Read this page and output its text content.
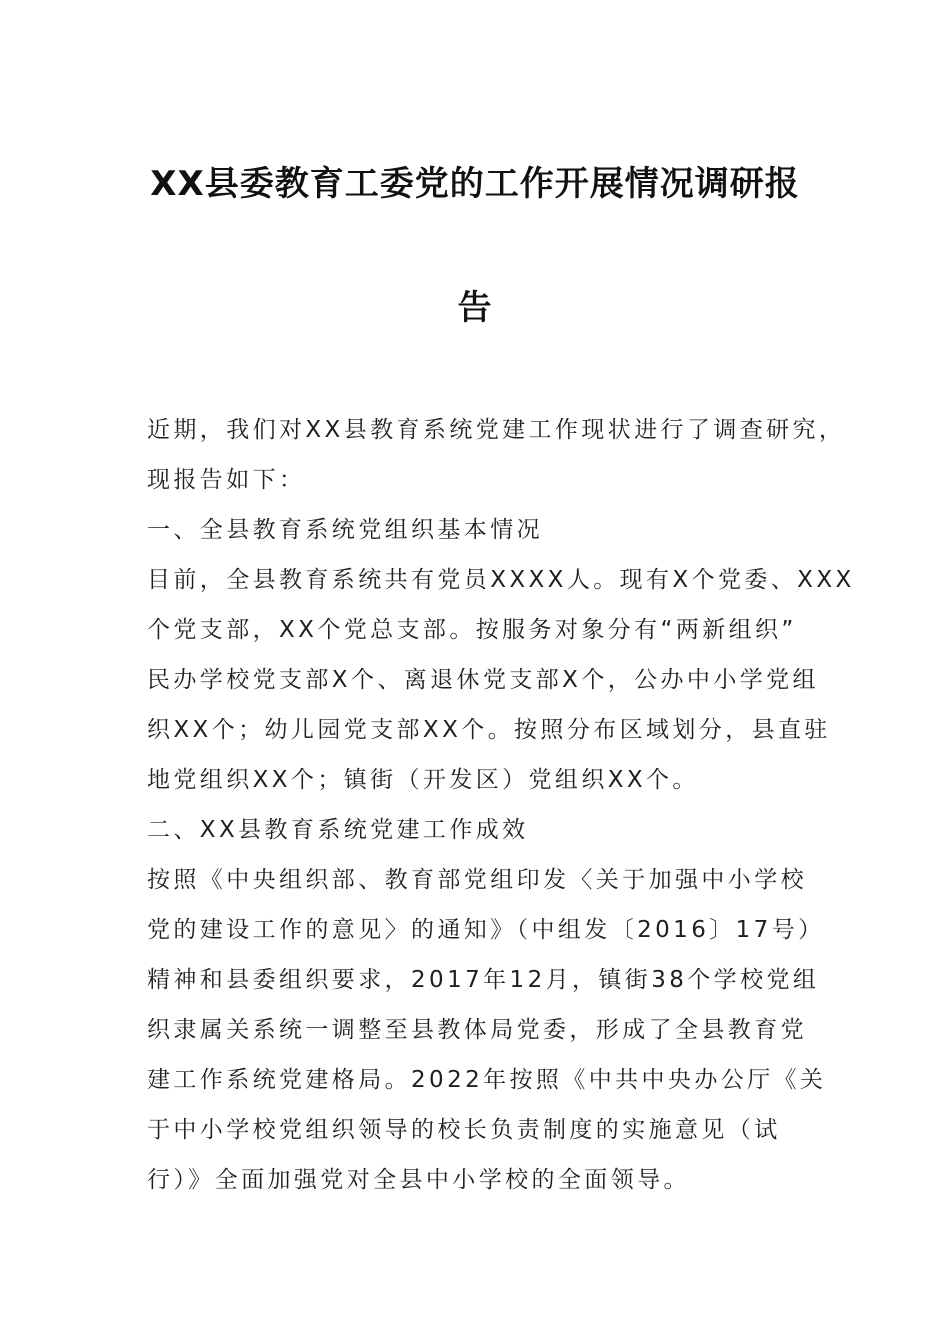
XX县委教育工委党的工作开展情况调研报
告
近期，我们对XX县教育系统党建工作现状进行了调查研究，
现报告如下：
一、全县教育系统党组织基本情况
目前，全县教育系统共有党员XXXX人。现有X个党委、XXX
个党支部，XX个党总支部。按服务对象分有“两新组织”
民办学校党支部X个、离退休党支部X个，公办中小学党组
织XX个；幼儿园党支部XX个。按照分布区域划分，县直驻
地党组织XX个；镇街（开发区）党组织XX个。
二、XX县教育系统党建工作成效
按照《中央组织部、教育部党组印发〈关于加强中小学校
党的建设工作的意见〉的通知》（中组发〔2016〕17号）
精神和县委组织要求，2017年12月，镇街38个学校党组
织隶属关系统一调整至县教体局党委，形成了全县教育党
建工作系统党建格局。2022年按照《中共中央办公厅《关
于中小学校党组织领导的校长负责制度的实施意见（试
行）》全面加强党对全县中小学校的全面领导。
